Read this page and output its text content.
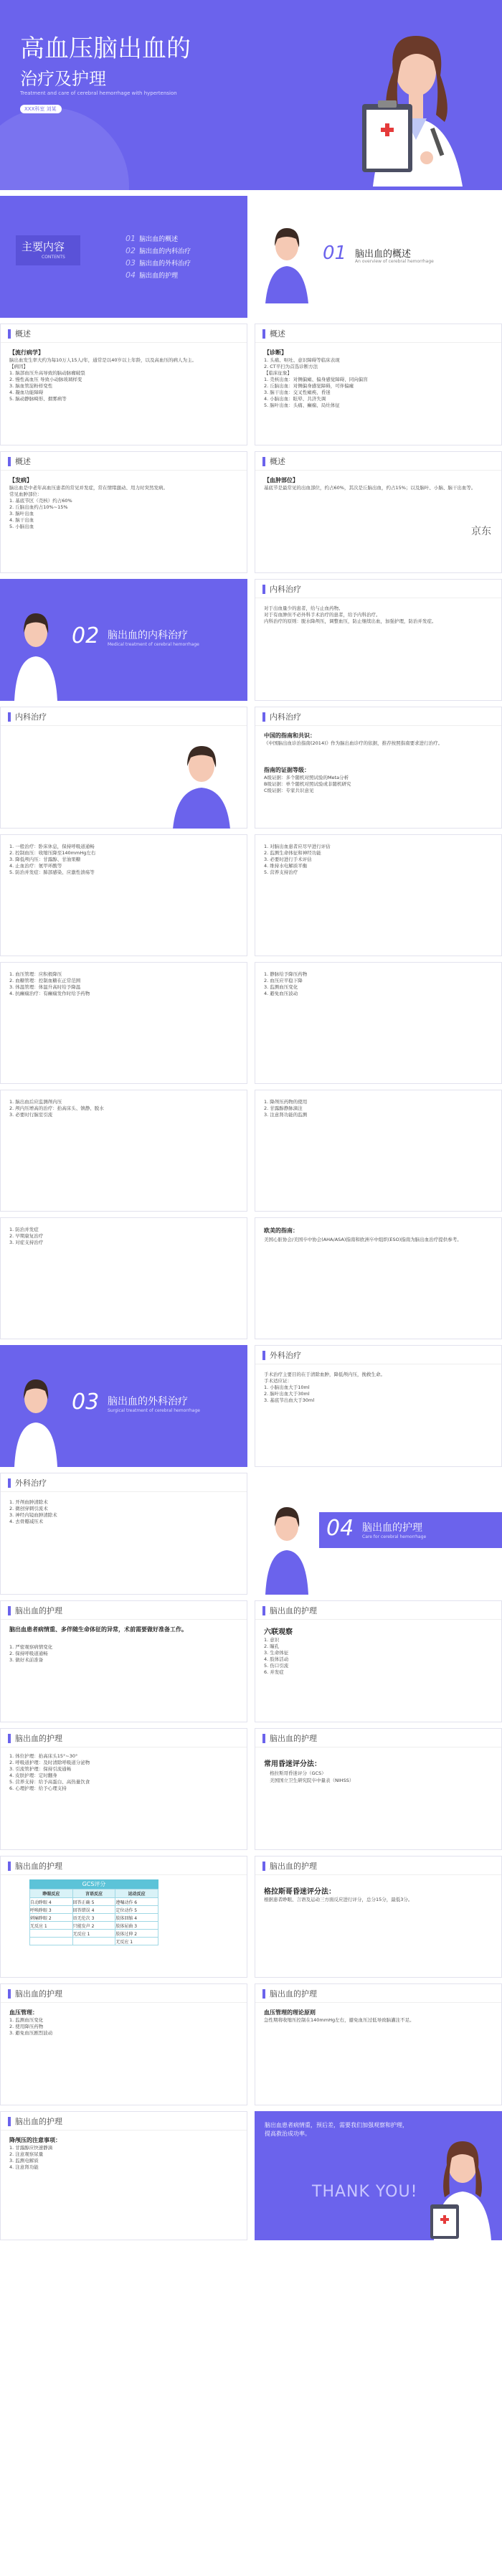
高血压脑出血的
治疗及护理
Treatment and care of cerebral hemorrhage with hypertension
XXX科室 刘某
主要内容
CONTENTS
01 脑出血的概述
02 脑出血的内科治疗
03 脑出血的外科治疗
04 脑出血的护理
01 脑出血的概述
An overview of cerebral hemorrhage
概述
【流行病学】
脑出血发生率大约为每10万人15人/年，通常是以40岁以上年龄，以及高血压的病人为主。
【病因】
1. 脑部血压升高导致的脑动脉瘤破裂
2. 慢性高血压 导致小动脉玻璃样变
3. 脑血管淀粉样变性
4. 凝血功能障碍
5. 脑动静脉畸形、烟雾病等
概述
【诊断】
1. 头痛、呕吐、意识障碍等临床表现
2. CT平扫为首选诊断方法
【临床征象】
1. 壳核出血：对侧偏瘫、偏身感觉障碍、同向偏盲
2. 丘脑出血：对侧偏身感觉障碍，可伴偏瘫
3. 脑干出血：交叉性瘫痪、昏迷
4. 小脑出血：眩晕、共济失调
5. 脑叶出血：头痛、癫痫、局灶体征
概述
【发病】
脑出血是中老年高血压患者的常见并发症，常在情绪激动、用力时突然发病。
常见血肿部位：
1. 基底节区（壳核）约占60%
2. 丘脑出血约占10%~15%
3. 脑叶出血
4. 脑干出血
5. 小脑出血
概述
【血肿部位】
基底节是最常见的出血部位，约占60%，其次是丘脑出血，约占15%；以及脑叶、小脑、脑干出血等。
京东
02 脑出血的内科治疗
Medical treatment of cerebral hemorrhage
内科治疗
对于出血量少的患者，给与止血药物。
对于有血肿但不必外科手术治疗的患者，给予内科治疗。
内科治疗的原则：脱水降颅压，调整血压，防止继续出血，加强护理，防治并发症。
内科治疗	内科治疗
中国的指南和共识：
《中国脑出血诊治指南(2014)》作为脑出血诊疗的依据，推荐按照指南要求进行治疗。
指南的证据等级：
A级证据：多个随机对照试验的Meta分析
B级证据：单个随机对照试验或非随机研究
C级证据：专家共识意见
1. 一般治疗：卧床休息，保持呼吸道通畅
2. 控制血压：收缩压降至140mmHg左右
3. 降低颅内压：甘露醇、甘油果糖
4. 止血治疗：氨甲环酸等
5. 防治并发症：肺部感染、应激性溃疡等
1. 对脑出血患者应尽早进行评估
2. 监测生命体征和神经功能
3. 必要时进行手术评估
4. 维持水电解质平衡
5. 营养支持治疗
1. 血压管理：应积极降压
2. 血糖管理：控制血糖在正常范围
3. 体温管理：体温升高时给予降温
4. 抗癫痫治疗：有癫痫发作时给予药物
1. 静脉给予降压药物
2. 血压应平稳下降
3. 监测血压变化
4. 避免血压波动
1. 脑出血后应监测颅内压
2. 颅内压增高的治疗：抬高床头、镇静、脱水
3. 必要时行脑室引流
1. 降颅压药物的使用
2. 甘露醇静脉滴注
3. 注意肾功能的监测
1. 防治并发症
2. 早期康复治疗
3. 对症支持治疗
欧美的指南：
美国心脏协会/美国卒中协会(AHA/ASA)指南和欧洲卒中组织(ESO)指南为脑出血治疗提供参考。
03 脑出血的外科治疗
Surgical treatment of cerebral hemorrhage
外科治疗
手术治疗主要目的在于清除血肿，降低颅内压，挽救生命。
手术适应证：
1. 小脑出血大于10ml
2. 脑叶出血大于30ml
3. 基底节出血大于30ml
外科治疗
1. 开颅血肿清除术
2. 微创穿刺引流术
3. 神经内镜血肿清除术
4. 去骨瓣减压术	04 脑出血的护理
Care for cerebral hemorrhage
脑出血的护理
脑出血患者病情重、多伴随生命体征的异常，术前需要做好准备工作。
1. 严密观察病情变化
2. 保持呼吸道通畅
3. 做好术前准备
脑出血的护理
六联观察
1. 意识
2. 瞳孔
3. 生命体征
4. 肢体活动
5. 伤口引流
6. 并发症
脑出血的护理
1. 体位护理：抬高床头15°~30°
2. 呼吸道护理：及时清除呼吸道分泌物
3. 引流管护理：保持引流通畅
4. 皮肤护理：定时翻身
5. 营养支持：给予高蛋白、高热量饮食
6. 心理护理：给予心理支持
脑出血的护理
常用昏迷评分法：
格拉斯哥昏迷评分（GCS）
美国国立卫生研究院卒中量表（NIHSS）
脑出血的护理
GCS评分
睁眼反应	言语反应	运动反应
自动睁眼 4	回答正确 5	遵嘱动作 6
呼唤睁眼 3	回答错误 4	定位动作 5
刺痛睁眼 2	语无伦次 3	肢体回缩 4
无反应 1	只能发声 2	肢体屈曲 3
	无反应 1	肢体过伸 2
		无反应 1
脑出血的护理
格拉斯哥昏迷评分法：
根据患者睁眼、言语及运动三方面反应进行评分，总分15分，最低3分。
脑出血的护理
血压管理：
1. 监测血压变化
2. 使用降压药物
3. 避免血压剧烈波动
脑出血的护理
血压管理的理论原则
急性期将收缩压控制在140mmHg左右，避免血压过低导致脑灌注不足。
脑出血的护理
降颅压的注意事项：
1. 甘露醇应快速静滴
2. 注意观察尿量
3. 监测电解质
4. 注意肾功能
脑出血患者病情重，预后差，需要我们加强观察和护理，提高救治成功率。
THANK YOU!
